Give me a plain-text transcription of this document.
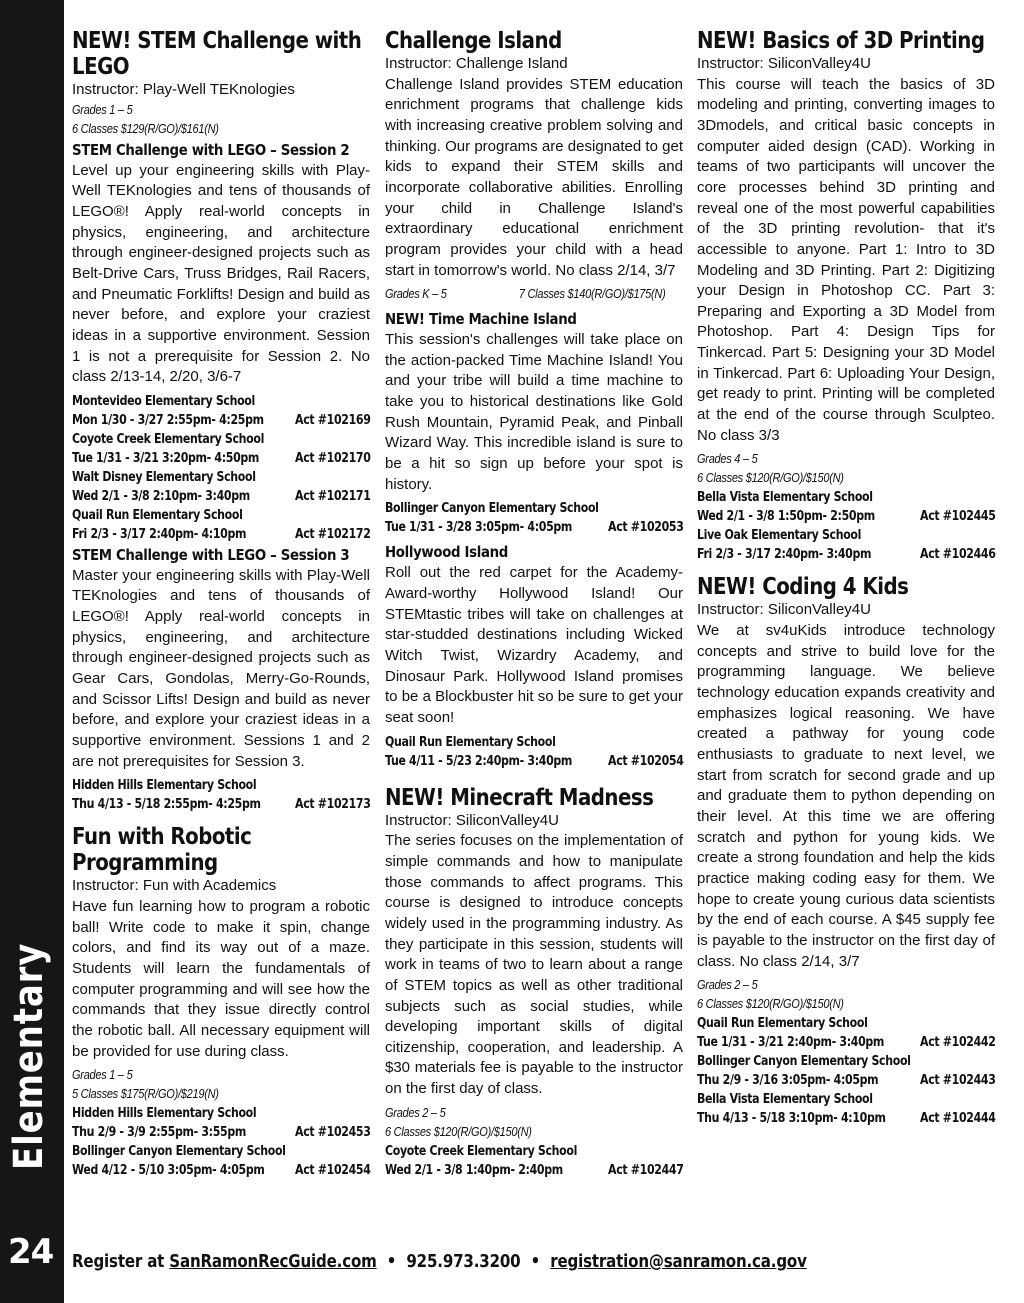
Elementary
24
NEW! STEM Challenge with LEGO
Instructor: Play-Well TEKnologies
Grades 1 – 5
6 Classes $129(R/GO)/$161(N)
STEM Challenge with LEGO – Session 2
Level up your engineering skills with Play-Well TEKnologies and tens of thousands of LEGO®! Apply real-world concepts in physics, engineering, and architecture through engineer-designed projects such as Belt-Drive Cars, Truss Bridges, Rail Racers, and Pneumatic Forklifts! Design and build as never before, and explore your craziest ideas in a supportive environment. Session 1 is not a prerequisite for Session 2. No class 2/13-14, 2/20, 3/6-7
Montevideo Elementary School
Mon 1/30 - 3/27 2:55pm- 4:25pm Act #102169
Coyote Creek Elementary School
Tue 1/31 - 3/21 3:20pm- 4:50pm	Act #102170
Walt Disney Elementary School
Wed 2/1 - 3/8 2:10pm- 3:40pm	Act #102171
Quail Run Elementary School
Fri 2/3 - 3/17 2:40pm- 4:10pm	Act #102172
STEM Challenge with LEGO – Session 3
Master your engineering skills with Play-Well TEKnologies and tens of thousands of LEGO®! Apply real-world concepts in physics, engineering, and architecture through engineer-designed projects such as Gear Cars, Gondolas, Merry-Go-Rounds, and Scissor Lifts! Design and build as never before, and explore your craziest ideas in a supportive environment. Sessions 1 and 2 are not prerequisites for Session 3.
Hidden Hills Elementary School
Thu 4/13 - 5/18 2:55pm- 4:25pm	Act #102173
Fun with Robotic Programming
Instructor: Fun with Academics
Have fun learning how to program a robotic ball! Write code to make it spin, change colors, and find its way out of a maze. Students will learn the fundamentals of computer programming and will see how the commands that they issue directly control the robotic ball. All necessary equipment will be provided for use during class.
Grades 1 – 5
5 Classes $175(R/GO)/$219(N)
Hidden Hills Elementary School
Thu 2/9 - 3/9 2:55pm- 3:55pm	Act #102453
Bollinger Canyon Elementary School
Wed 4/12 - 5/10 3:05pm- 4:05pm Act #102454
Challenge Island
Instructor: Challenge Island
Challenge Island provides STEM education enrichment programs that challenge kids with increasing creative problem solving and thinking. Our programs are designated to get kids to expand their STEM skills and incorporate collaborative abilities. Enrolling your child in Challenge Island's extraordinary educational enrichment program provides your child with a head start in tomorrow's world. No class 2/14, 3/7
Grades K – 5	7 Classes $140(R/GO)/$175(N)
NEW! Time Machine Island
This session's challenges will take place on the action-packed Time Machine Island! You and your tribe will build a time machine to take you to historical destinations like Gold Rush Mountain, Pyramid Peak, and Pinball Wizard Way. This incredible island is sure to be a hit so sign up before your spot is history.
Bollinger Canyon Elementary School
Tue 1/31 - 3/28 3:05pm- 4:05pm	Act #102053
Hollywood Island
Roll out the red carpet for the Academy-Award-worthy Hollywood Island! Our STEMtastic tribes will take on challenges at star-studded destinations including Wicked Witch Twist, Wizardry Academy, and Dinosaur Park. Hollywood Island promises to be a Blockbuster hit so be sure to get your seat soon!
Quail Run Elementary School
Tue 4/11 - 5/23 2:40pm- 3:40pm	Act #102054
NEW! Minecraft Madness
Instructor: SiliconValley4U
The series focuses on the implementation of simple commands and how to manipulate those commands to affect programs. This course is designed to introduce concepts widely used in the programming industry. As they participate in this session, students will work in teams of two to learn about a range of STEM topics as well as other traditional subjects such as social studies, while developing important skills of digital citizenship, cooperation, and leadership. A $30 materials fee is payable to the instructor on the first day of class.
Grades 2 – 5
6 Classes $120(R/GO)/$150(N)
Coyote Creek Elementary School
Wed 2/1 - 3/8 1:40pm- 2:40pm	Act #102447
NEW! Basics of 3D Printing
Instructor: SiliconValley4U
This course will teach the basics of 3D modeling and printing, converting images to 3Dmodels, and critical basic concepts in computer aided design (CAD). Working in teams of two participants will uncover the core processes behind 3D printing and reveal one of the most powerful capabilities of the 3D printing revolution- that it's accessible to anyone. Part 1: Intro to 3D Modeling and 3D Printing. Part 2: Digitizing your Design in Photoshop CC. Part 3: Preparing and Exporting a 3D Model from Photoshop. Part 4: Design Tips for Tinkercad. Part 5: Designing your 3D Model in Tinkercad. Part 6: Uploading Your Design, get ready to print. Printing will be completed at the end of the course through Sculpteo. No class 3/3
Grades 4 – 5
6 Classes $120(R/GO)/$150(N)
Bella Vista Elementary School
Wed 2/1 - 3/8 1:50pm- 2:50pm	Act #102445
Live Oak Elementary School
Fri 2/3 - 3/17 2:40pm- 3:40pm	Act #102446
NEW! Coding 4 Kids
Instructor: SiliconValley4U
We at sv4uKids introduce technology concepts and strive to build love for the programming language. We believe technology education expands creativity and emphasizes logical reasoning. We have created a pathway for young code enthusiasts to graduate to next level, we start from scratch for second grade and up and graduate them to python depending on their level. At this time we are offering scratch and python for young kids. We create a strong foundation and help the kids practice making coding easy for them. We hope to create young curious data scientists by the end of each course. A $45 supply fee is payable to the instructor on the first day of class. No class 2/14, 3/7
Grades 2 – 5
6 Classes $120(R/GO)/$150(N)
Quail Run Elementary School
Tue 1/31 - 3/21 2:40pm- 3:40pm	Act #102442
Bollinger Canyon Elementary School
Thu 2/9 - 3/16 3:05pm- 4:05pm	Act #102443
Bella Vista Elementary School
Thu 4/13 - 5/18 3:10pm- 4:10pm	Act #102444
Register at SanRamonRecGuide.com • 925.973.3200 • registration@sanramon.ca.gov
